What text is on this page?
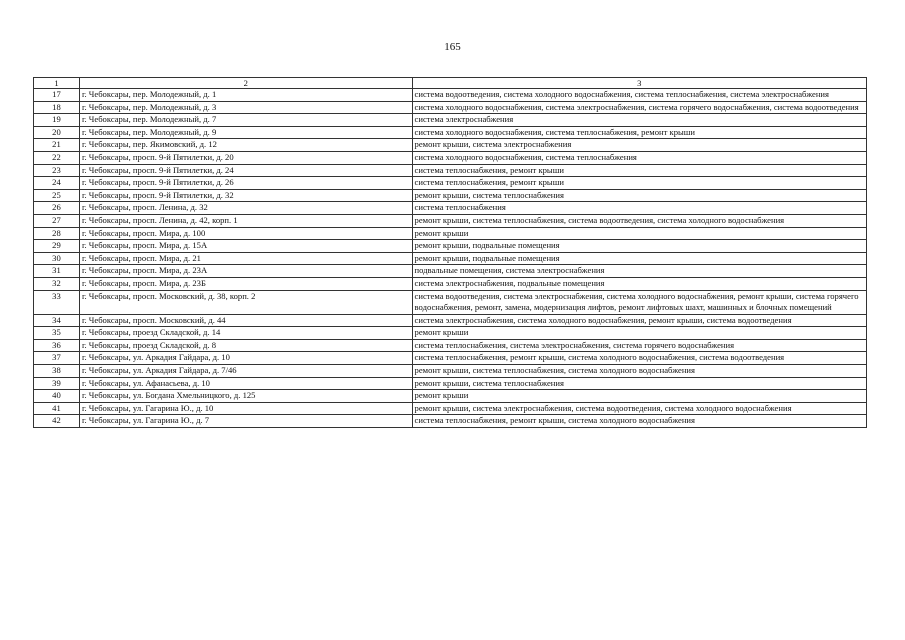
165
1	2	3
17	г. Чебоксары, пер. Молодежный, д. 1	система водоотведения, система холодного водоснабжения, система теплоснабжения, система электроснабжения
18	г. Чебоксары, пер. Молодежный, д. 3	система холодного водоснабжения, система электроснабжения, система горячего водоснабжения, система водоотведения
19	г. Чебоксары, пер. Молодежный, д. 7	система электроснабжения
20	г. Чебоксары, пер. Молодежный, д. 9	система холодного водоснабжения, система теплоснабжения, ремонт крыши
21	г. Чебоксары, пер. Якимовский, д. 12	ремонт крыши, система электроснабжения
22	г. Чебоксары, просп. 9-й Пятилетки, д. 20	система холодного водоснабжения, система теплоснабжения
23	г. Чебоксары, просп. 9-й Пятилетки, д. 24	система теплоснабжения, ремонт крыши
24	г. Чебоксары, просп. 9-й Пятилетки, д. 26	система теплоснабжения, ремонт крыши
25	г. Чебоксары, просп. 9-й Пятилетки, д. 32	ремонт крыши, система теплоснабжения
26	г. Чебоксары, просп. Ленина, д. 32	система теплоснабжения
27	г. Чебоксары, просп. Ленина, д. 42, корп. 1	ремонт крыши, система теплоснабжения, система водоотведения, система холодного водоснабжения
28	г. Чебоксары, просп. Мира, д. 100	ремонт крыши
29	г. Чебоксары, просп. Мира, д. 15А	ремонт крыши, подвальные помещения
30	г. Чебоксары, просп. Мира, д. 21	ремонт крыши, подвальные помещения
31	г. Чебоксары, просп. Мира, д. 23А	подвальные помещения, система электроснабжения
32	г. Чебоксары, просп. Мира, д. 23Б	система электроснабжения, подвальные помещения
33	г. Чебоксары, просп. Московский, д. 38, корп. 2	система водоотведения, система электроснабжения, система холодного водоснабжения, ремонт крыши, система горячего водоснабжения, ремонт, замена, модернизация лифтов, ремонт лифтовых шахт, машинных и блочных помещений
34	г. Чебоксары, просп. Московский, д. 44	система электроснабжения, система холодного водоснабжения, ремонт крыши, система водоотведения
35	г. Чебоксары, проезд Складской, д. 14	ремонт крыши
36	г. Чебоксары, проезд Складской, д. 8	система теплоснабжения, система электроснабжения, система горячего водоснабжения
37	г. Чебоксары, ул. Аркадия Гайдара, д. 10	система теплоснабжения, ремонт крыши, система холодного водоснабжения, система водоотведения
38	г. Чебоксары, ул. Аркадия Гайдара, д. 7/46	ремонт крыши, система теплоснабжения, система холодного водоснабжения
39	г. Чебоксары, ул. Афанасьева, д. 10	ремонт крыши, система теплоснабжения
40	г. Чебоксары, ул. Богдана Хмельницкого, д. 125	ремонт крыши
41	г. Чебоксары, ул. Гагарина Ю., д. 10	ремонт крыши, система электроснабжения, система водоотведения, система холодного водоснабжения
42	г. Чебоксары, ул. Гагарина Ю., д. 7	система теплоснабжения, ремонт крыши, система холодного водоснабжения
